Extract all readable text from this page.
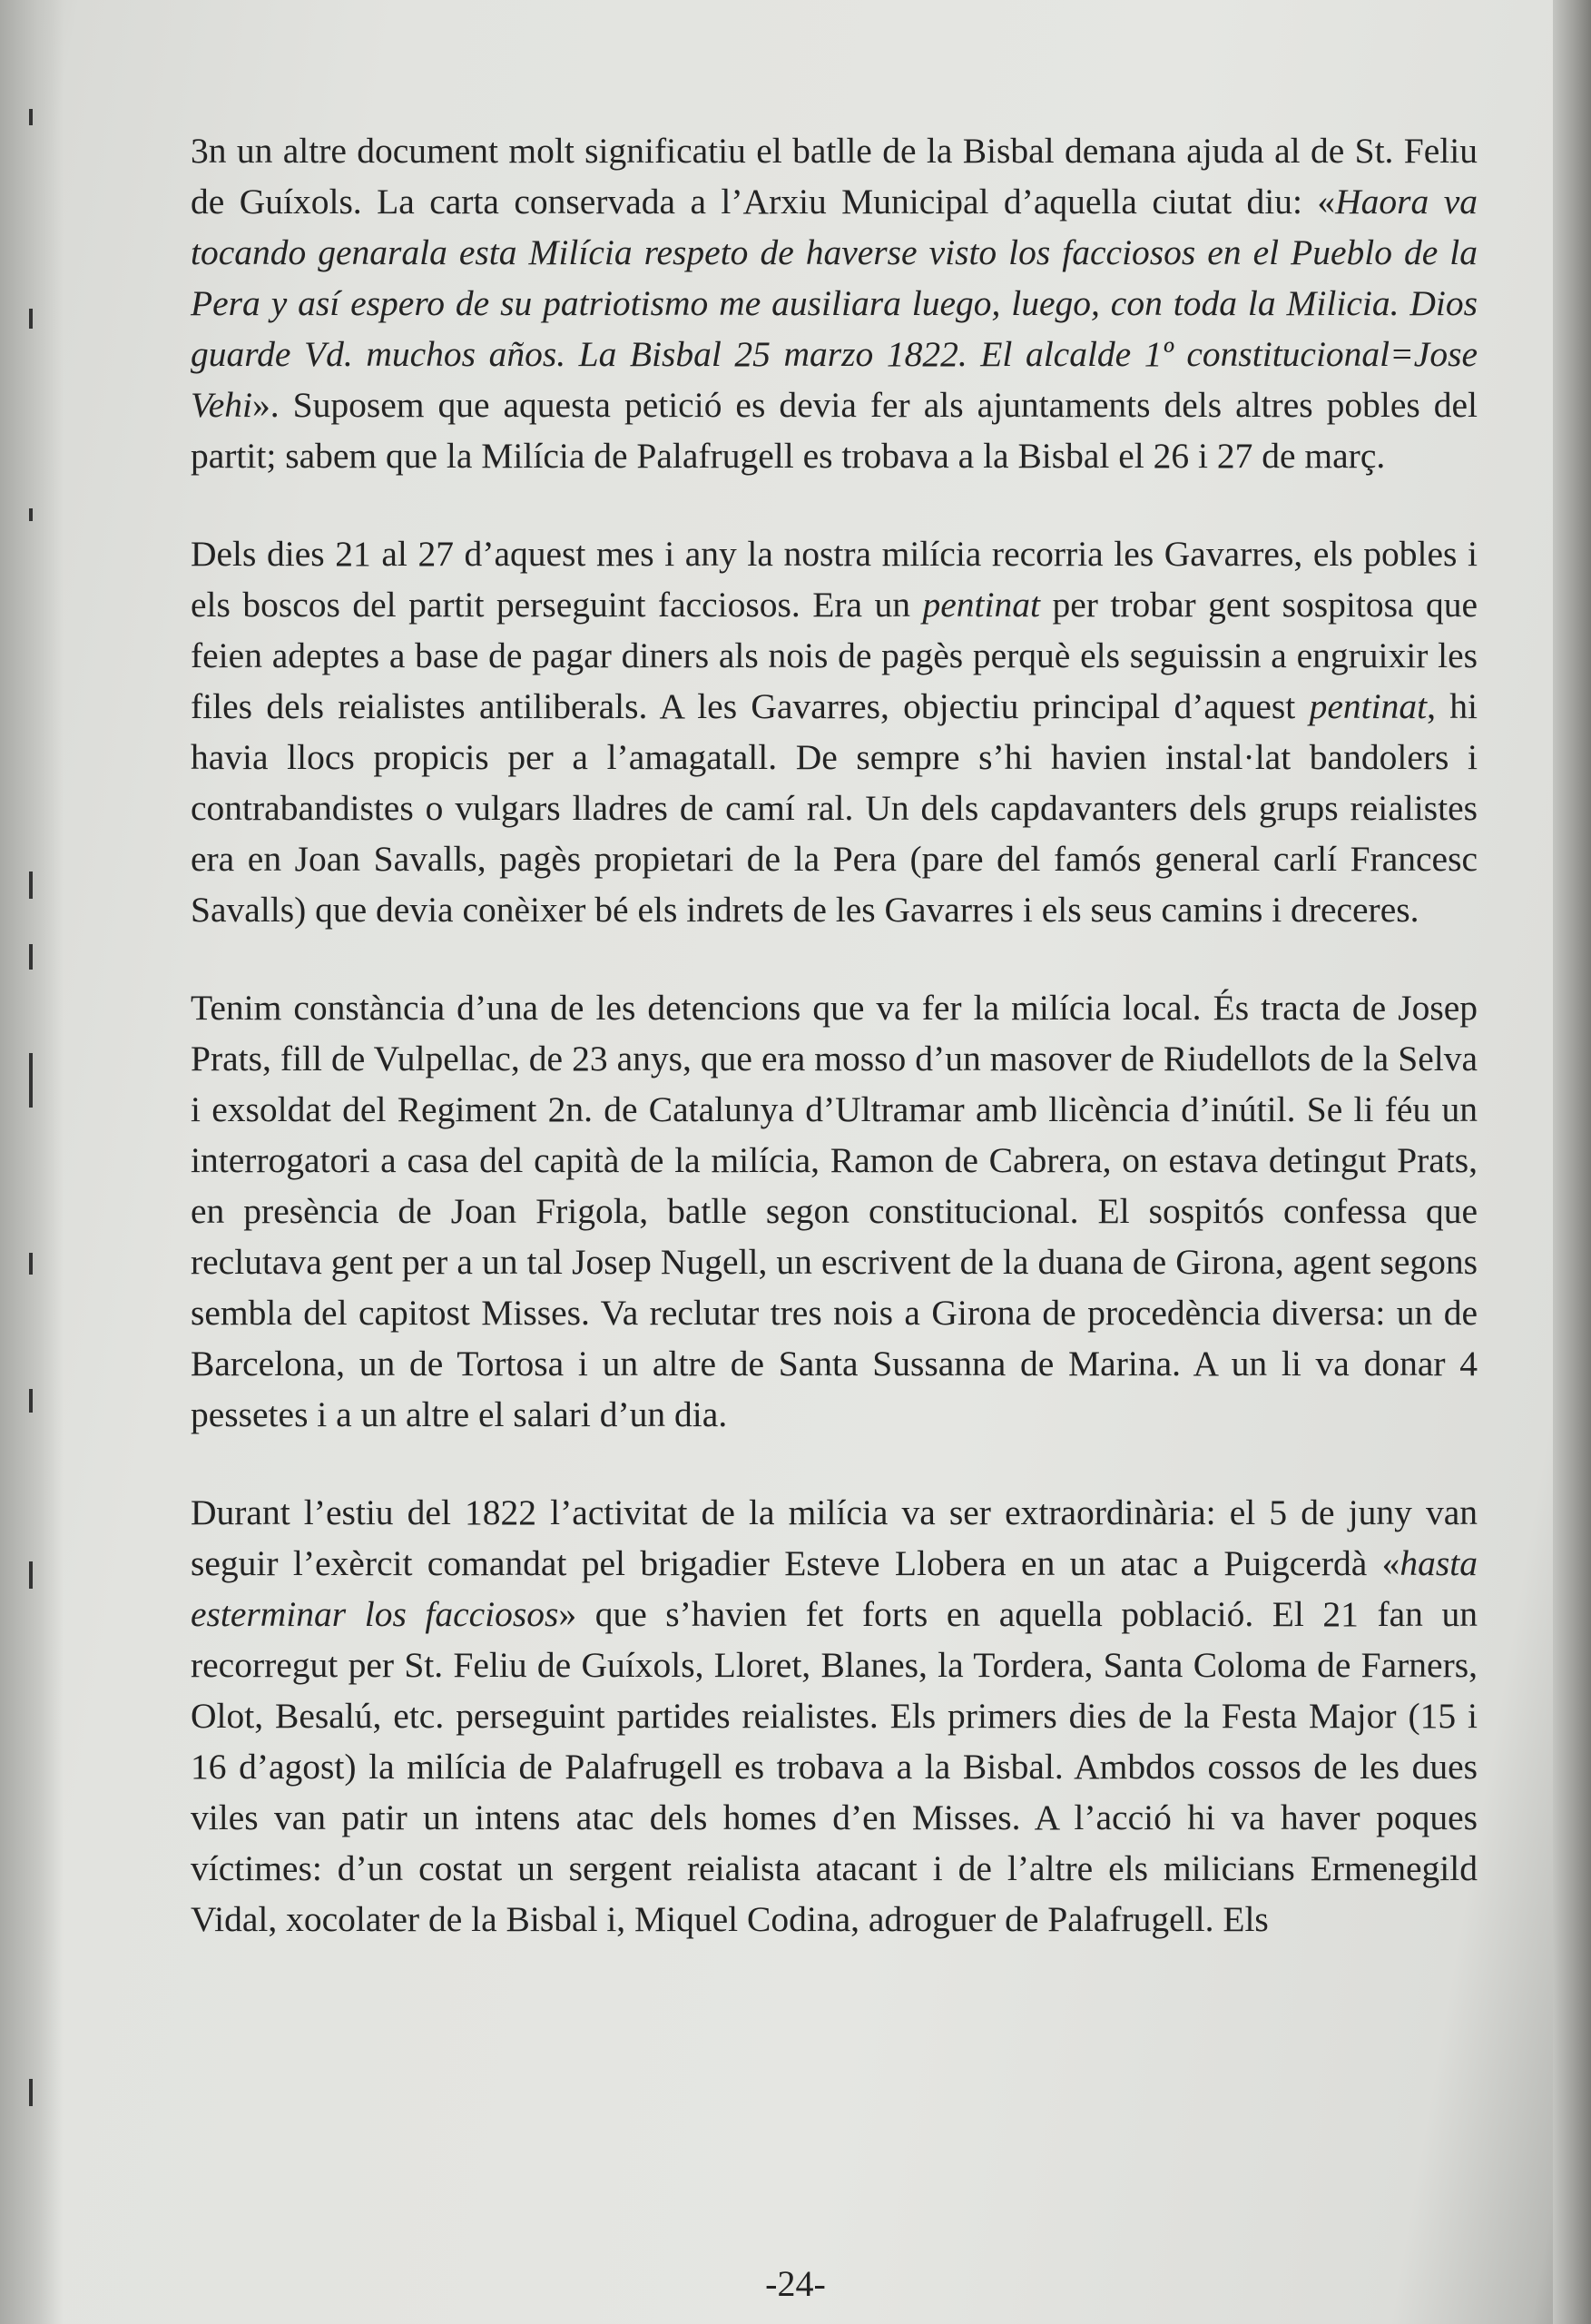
3n un altre document molt significatiu el batlle de la Bisbal demana ajuda al de St. Feliu de Guíxols. La carta conservada a l’Arxiu Municipal d’aquella ciutat diu: «Haora va tocando genarala esta Milícia respeto de haverse visto los facciosos en el Pueblo de la Pera y así espero de su patriotismo me ausiliara luego, luego, con toda la Milicia. Dios guarde Vd. muchos años. La Bisbal 25 marzo 1822. El alcalde 1º constitucional=Jose Vehi». Suposem que aquesta petició es devia fer als ajuntaments dels altres pobles del partit; sabem que la Milícia de Palafrugell es trobava a la Bisbal el 26 i 27 de març.

Dels dies 21 al 27 d’aquest mes i any la nostra milícia recorria les Gavarres, els pobles i els boscos del partit perseguint facciosos. Era un pentinat per trobar gent sospitosa que feien adeptes a base de pagar diners als nois de pagès perquè els seguissin a engruixir les files dels reialistes antiliberals. A les Gavarres, objectiu principal d’aquest pentinat, hi havia llocs propicis per a l’amagatall. De sempre s’hi havien instal·lat bandolers i contrabandistes o vulgars lladres de camí ral. Un dels capdavanters dels grups reialistes era en Joan Savalls, pagès propietari de la Pera (pare del famós general carlí Francesc Savalls) que devia conèixer bé els indrets de les Gavarres i els seus camins i dreceres.

Tenim constància d’una de les detencions que va fer la milícia local. És tracta de Josep Prats, fill de Vulpellac, de 23 anys, que era mosso d’un masover de Riudellots de la Selva i exsoldat del Regiment 2n. de Catalunya d’Ultramar amb llicència d’inútil. Se li féu un interrogatori a casa del capità de la milícia, Ramon de Cabrera, on estava detingut Prats, en presència de Joan Frigola, batlle segon constitucional. El sospitós confessa que reclutava gent per a un tal Josep Nugell, un escrivent de la duana de Girona, agent segons sembla del capitost Misses. Va reclutar tres nois a Girona de procedència diversa: un de Barcelona, un de Tortosa i un altre de Santa Sussanna de Marina. A un li va donar 4 pessetes i a un altre el salari d’un dia.

Durant l’estiu del 1822 l’activitat de la milícia va ser extraordinària: el 5 de juny van seguir l’exèrcit comandat pel brigadier Esteve Llobera en un atac a Puigcerdà «hasta esterminar los facciosos» que s’havien fet forts en aquella població. El 21 fan un recorregut per St. Feliu de Guíxols, Lloret, Blanes, la Tordera, Santa Coloma de Farners, Olot, Besalú, etc. perseguint partides reialistes. Els primers dies de la Festa Major (15 i 16 d’agost) la milícia de Palafrugell es trobava a la Bisbal. Ambdos cossos de les dues viles van patir un intens atac dels homes d’en Misses. A l’acció hi va haver poques víctimes: d’un costat un sergent reialista atacant i de l’altre els milicians Ermenegild Vidal, xocolater de la Bisbal i, Miquel Codina, adroguer de Palafrugell. Els

-24-
